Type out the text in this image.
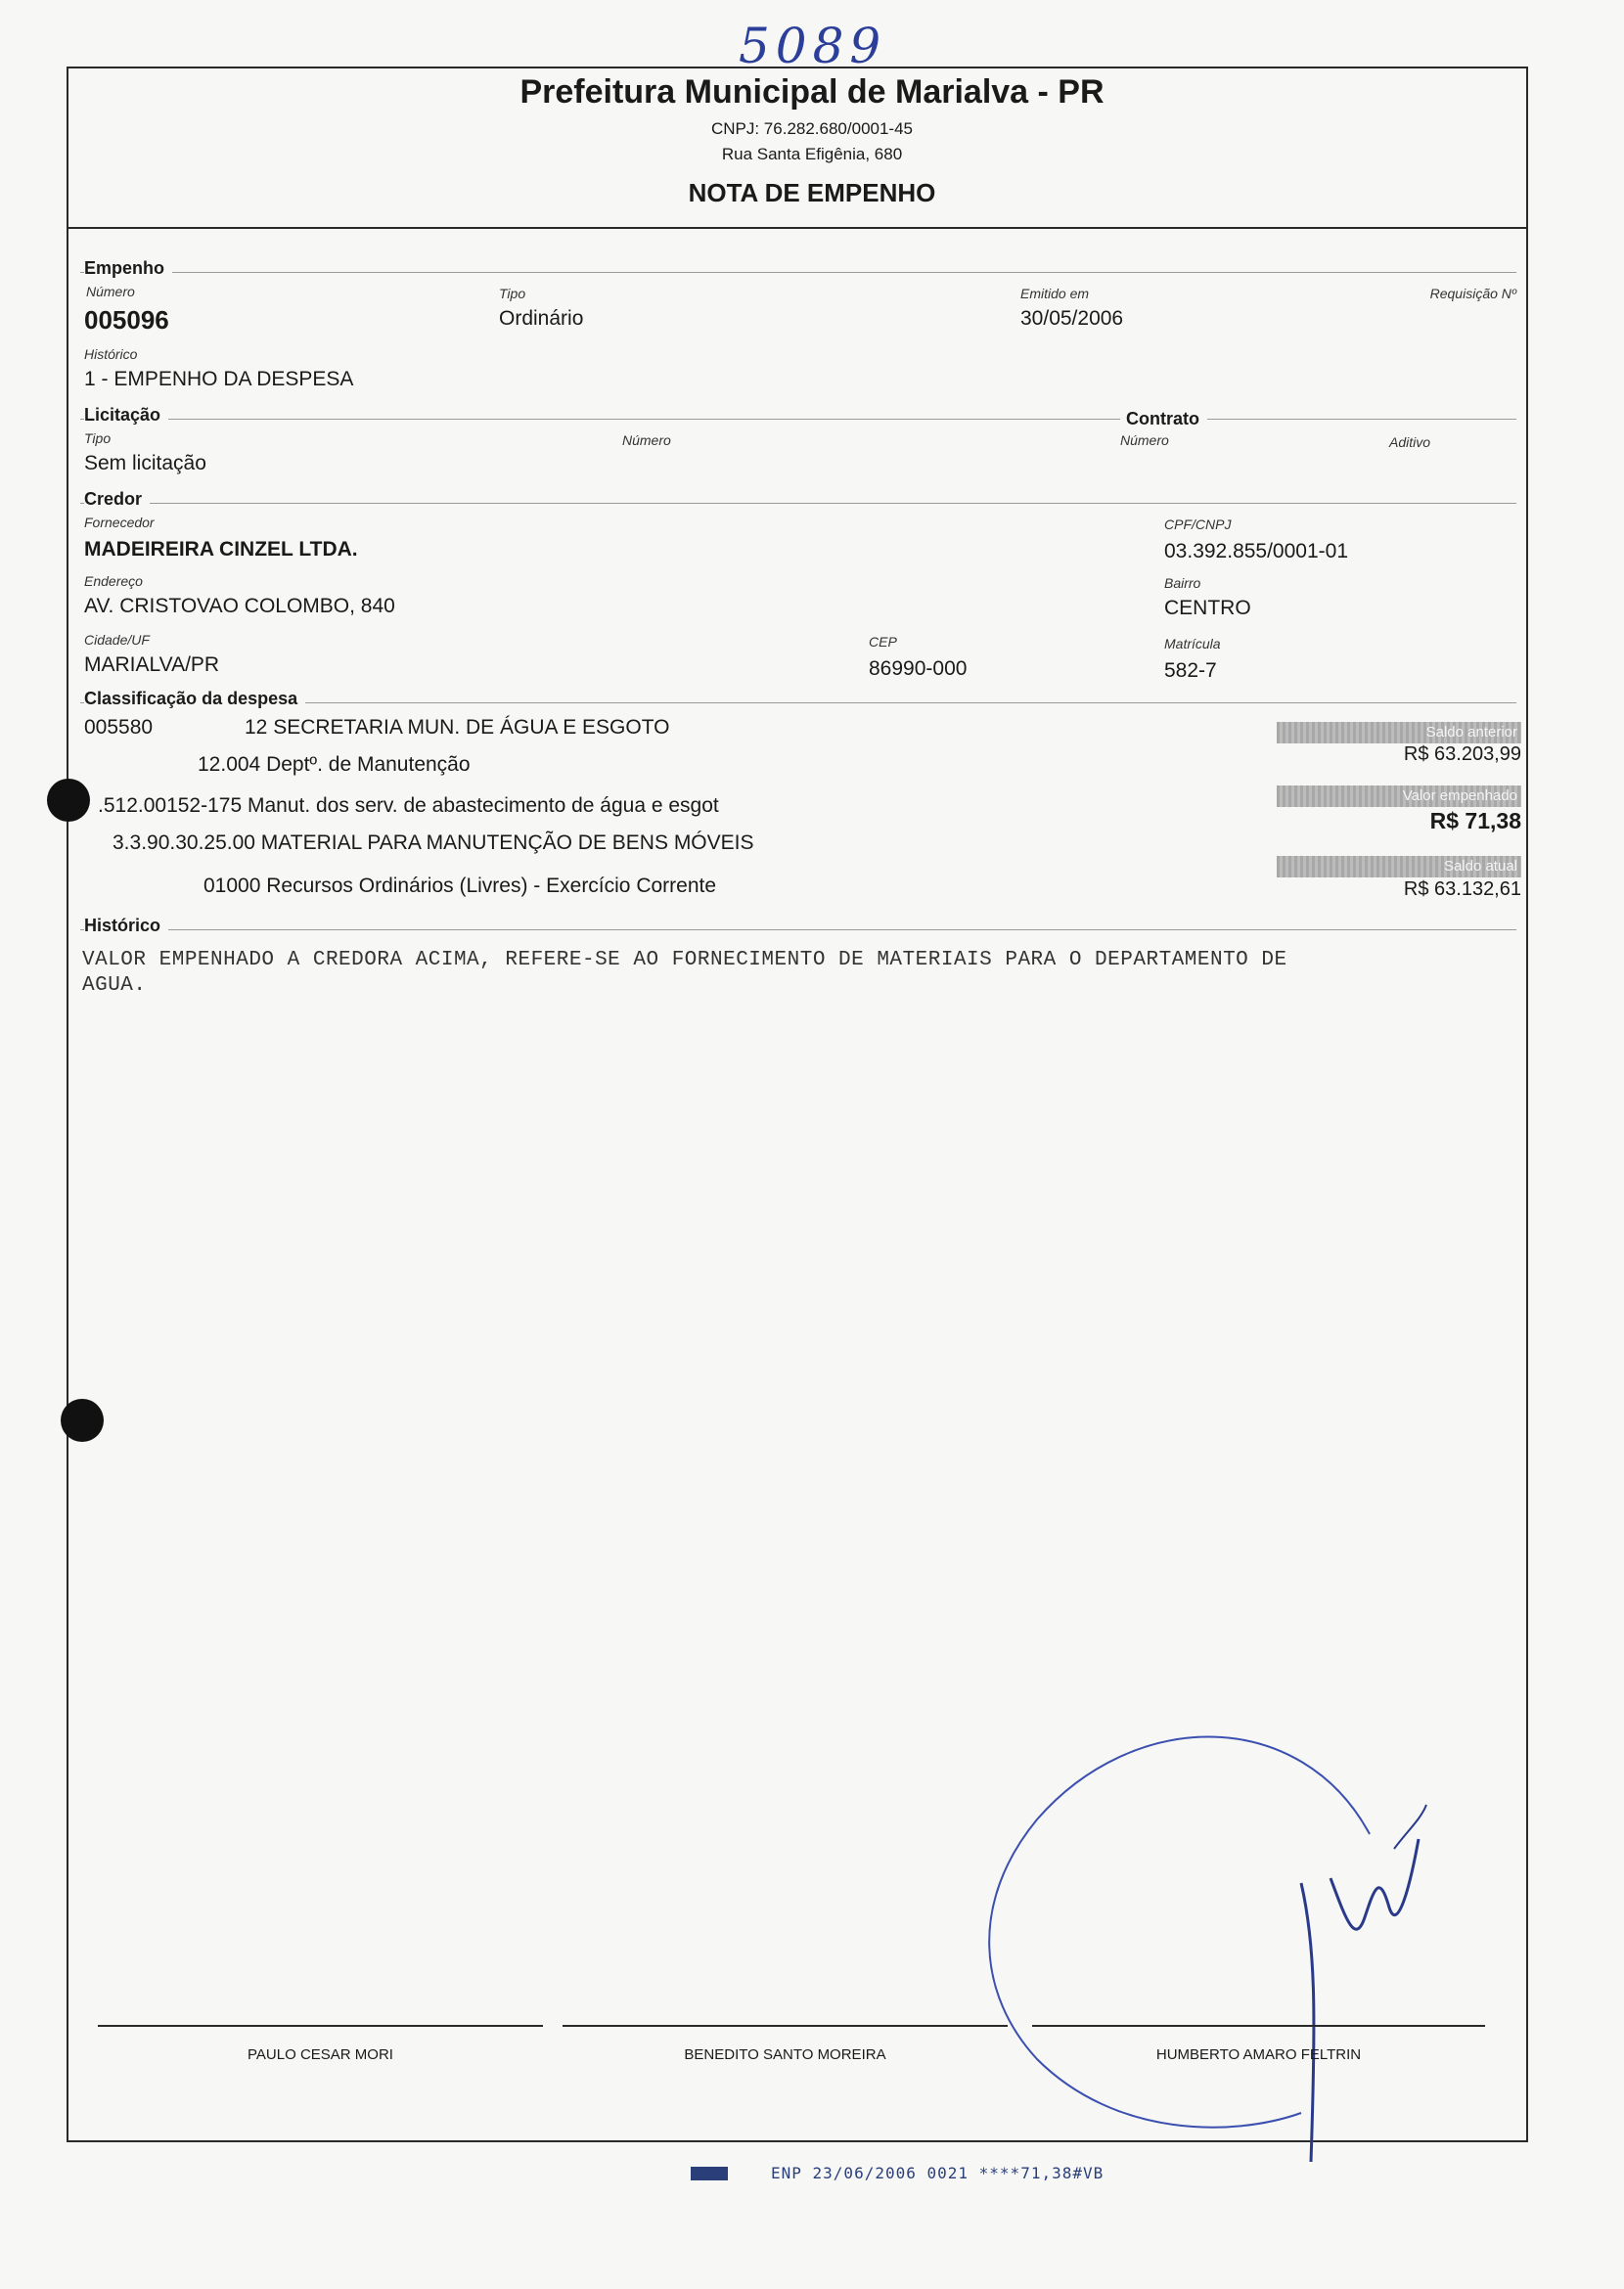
5089
Prefeitura Municipal de Marialva - PR
CNPJ: 76.282.680/0001-45
Rua Santa Efigênia, 680
NOTA DE EMPENHO
Empenho
Número
005096
Tipo
Ordinário
Emitido em
30/05/2006
Requisição Nº
Histórico
1 - EMPENHO DA DESPESA
Licitação	Contrato
Tipo
Sem licitação
Número	Número	Aditivo
Credor
Fornecedor
MADEIREIRA CINZEL LTDA.
CPF/CNPJ
03.392.855/0001-01
Endereço
AV. CRISTOVAO COLOMBO, 840
Bairro
CENTRO
Cidade/UF
MARIALVA/PR
CEP
86990-000
Matrícula
582-7
Classificação da despesa
005580	12 SECRETARIA MUN. DE ÁGUA E ESGOTO
12.004 Deptº. de Manutenção
.512.00152-175 Manut. dos serv. de abastecimento de água e esgot
3.3.90.30.25.00 MATERIAL PARA MANUTENÇÃO DE BENS MÓVEIS
01000 Recursos Ordinários (Livres) - Exercício Corrente
Saldo anterior
R$ 63.203,99
Valor empenhado
R$ 71,38
Saldo atual
R$ 63.132,61
Histórico
VALOR EMPENHADO A CREDORA ACIMA, REFERE-SE AO FORNECIMENTO DE MATERIAIS PARA O DEPARTAMENTO DE
AGUA.
PAULO CESAR MORI	BENEDITO SANTO MOREIRA	HUMBERTO AMARO FELTRIN
ENP 23/06/2006 0021 ****71,38#VB
